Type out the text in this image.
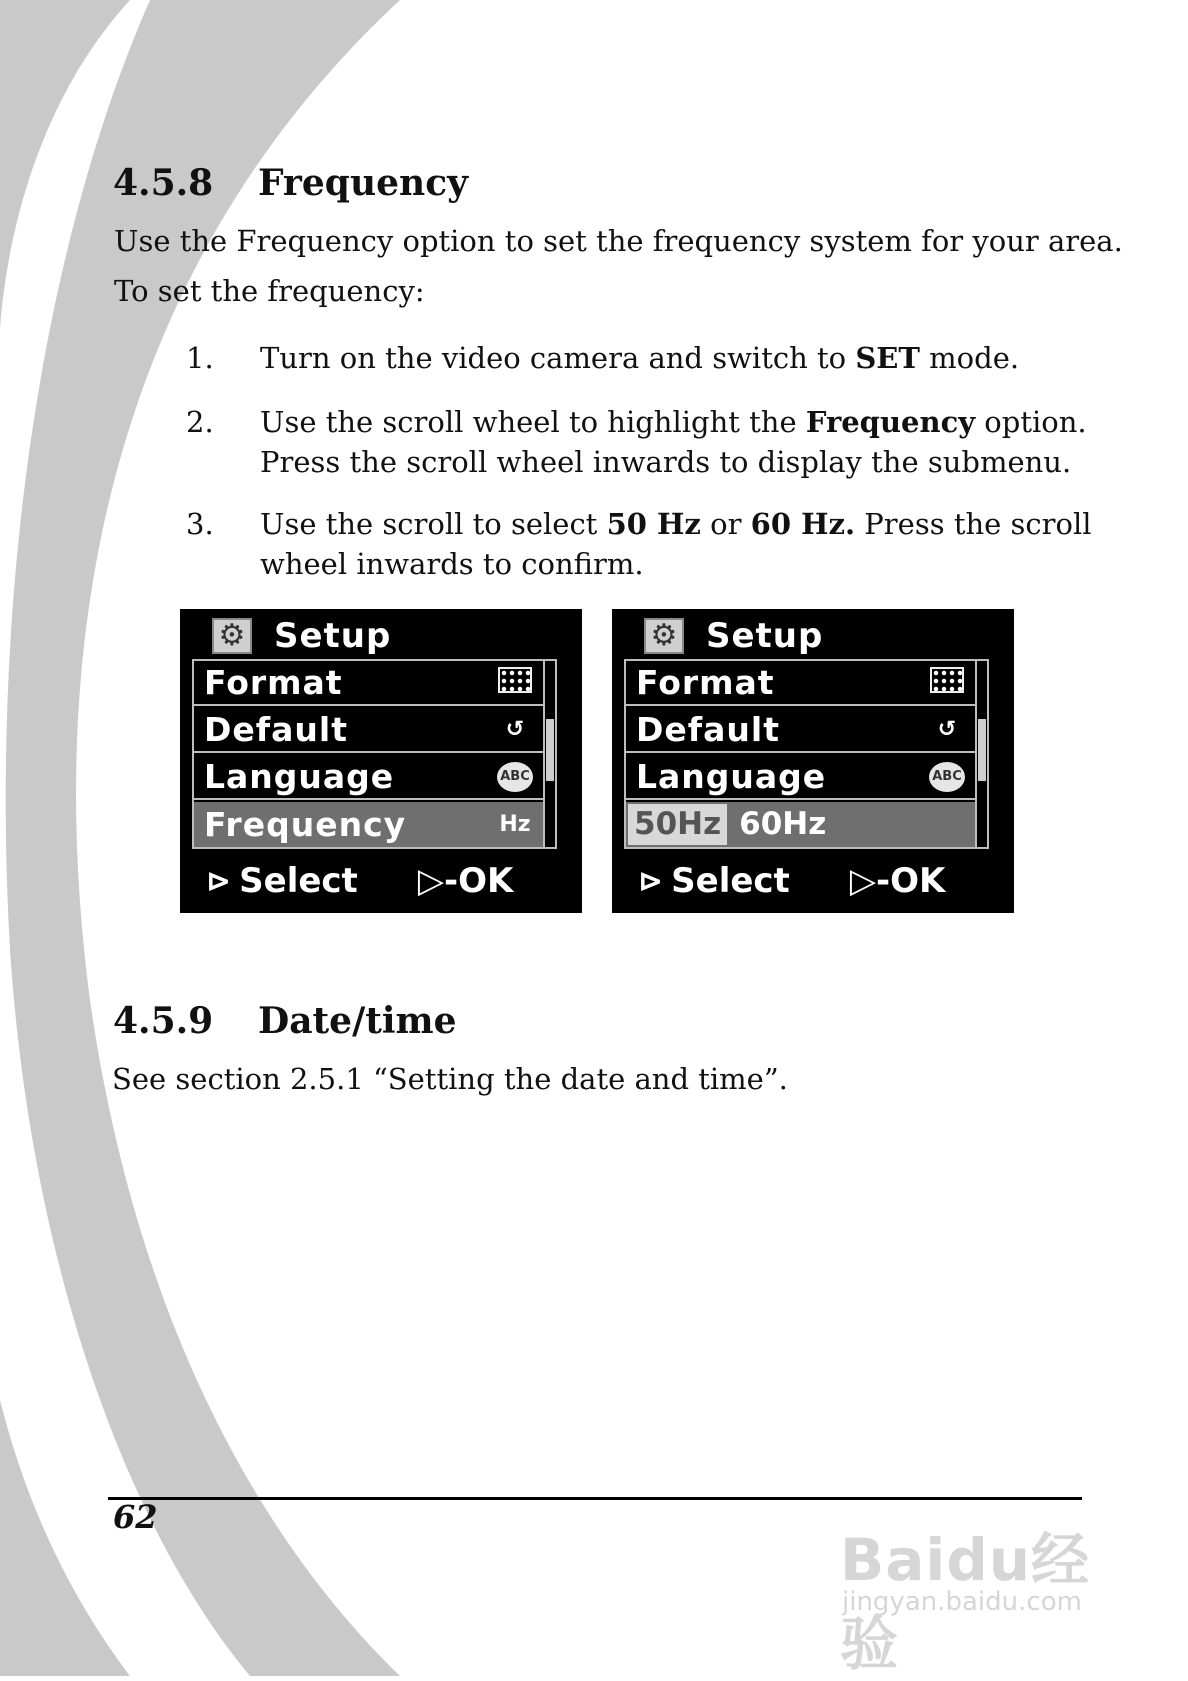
4.5.8 Frequency
Use the Frequency option to set the frequency system for your area.
To set the frequency:
1. Turn on the video camera and switch to SET mode.
2. Use the scroll wheel to highlight the Frequency option.
Press the scroll wheel inwards to display the submenu.
3. Use the scroll to select 50 Hz or 60 Hz. Press the scroll
wheel inwards to confirm.
⚙ Setup
Format
Default	↺
Language	ABC
Frequency	Hz
⊳ Select ▷-OK
⚙ Setup
Format
Default	↺
Language	ABC
50Hz 60Hz
⊳ Select ▷-OK
4.5.9 Date/time
See section 2.5.1 “Setting the date and time”.
62
Baidu经验
jingyan.baidu.com
